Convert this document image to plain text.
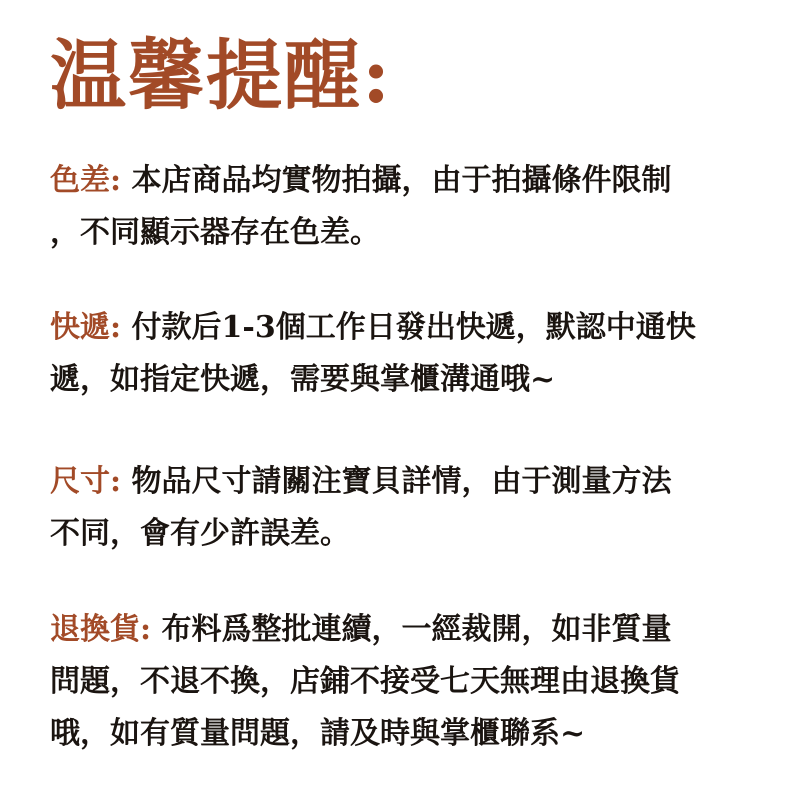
温馨提醒:
色差: 本店商品均實物拍攝，由于拍攝條件限制
，不同顯示器存在色差。
快遞: 付款后1-3個工作日發出快遞，默認中通快
遞，如指定快遞，需要與掌櫃溝通哦~
尺寸: 物品尺寸請關注寶貝詳情，由于測量方法
不同，會有少許誤差。
退換貨: 布料爲整批連續，一經裁開，如非質量
問題，不退不換，店鋪不接受七天無理由退換貨
哦，如有質量問題，請及時與掌櫃聯系~
